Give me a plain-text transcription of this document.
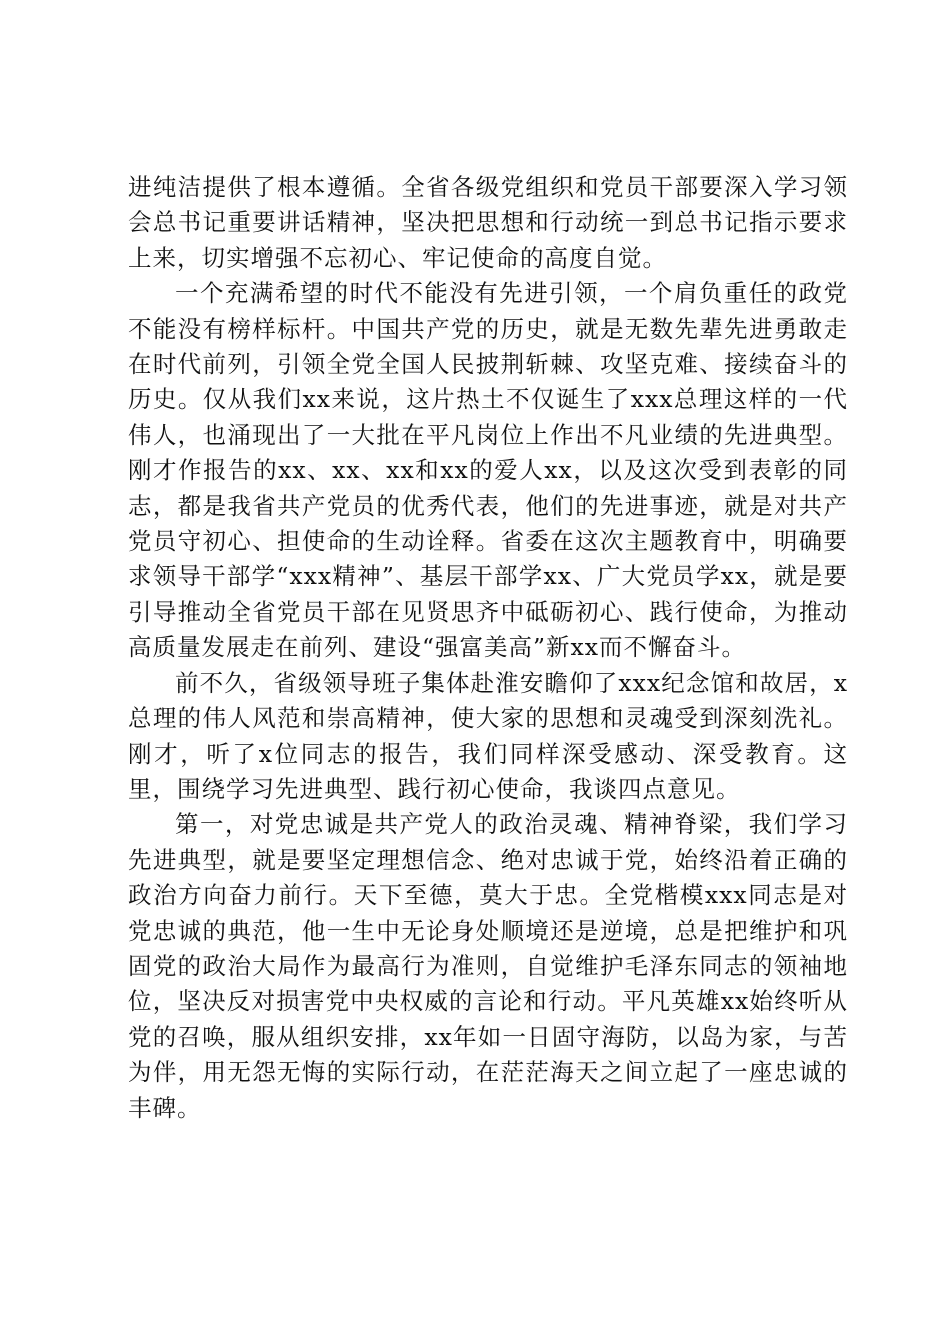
进纯洁提供了根本遵循。全省各级党组织和党员干部要深入学习领会总书记重要讲话精神，坚决把思想和行动统一到总书记指示要求上来，切实增强不忘初心、牢记使命的高度自觉。

一个充满希望的时代不能没有先进引领，一个肩负重任的政党不能没有榜样标杆。中国共产党的历史，就是无数先辈先进勇敢走在时代前列，引领全党全国人民披荆斩棘、攻坚克难、接续奋斗的历史。仅从我们xx来说，这片热土不仅诞生了xxx总理这样的一代伟人，也涌现出了一大批在平凡岗位上作出不凡业绩的先进典型。刚才作报告的xx、xx、xx和xx的爱人xx，以及这次受到表彰的同志，都是我省共产党员的优秀代表，他们的先进事迹，就是对共产党员守初心、担使命的生动诠释。省委在这次主题教育中，明确要求领导干部学“xxx精神”、基层干部学xx、广大党员学xx，就是要引导推动全省党员干部在见贤思齐中砥砺初心、践行使命，为推动高质量发展走在前列、建设“强富美高”新xx而不懈奋斗。

前不久，省级领导班子集体赴淮安瞻仰了xxx纪念馆和故居，x总理的伟人风范和崇高精神，使大家的思想和灵魂受到深刻洗礼。刚才，听了x位同志的报告，我们同样深受感动、深受教育。这里，围绕学习先进典型、践行初心使命，我谈四点意见。

第一，对党忠诚是共产党人的政治灵魂、精神脊梁，我们学习先进典型，就是要坚定理想信念、绝对忠诚于党，始终沿着正确的政治方向奋力前行。天下至德，莫大于忠。全党楷模xxx同志是对党忠诚的典范，他一生中无论身处顺境还是逆境，总是把维护和巩固党的政治大局作为最高行为准则，自觉维护毛泽东同志的领袖地位，坚决反对损害党中央权威的言论和行动。平凡英雄xx始终听从党的召唤，服从组织安排，xx年如一日固守海防，以岛为家，与苦为伴，用无怨无悔的实际行动，在茫茫海天之间立起了一座忠诚的丰碑。
